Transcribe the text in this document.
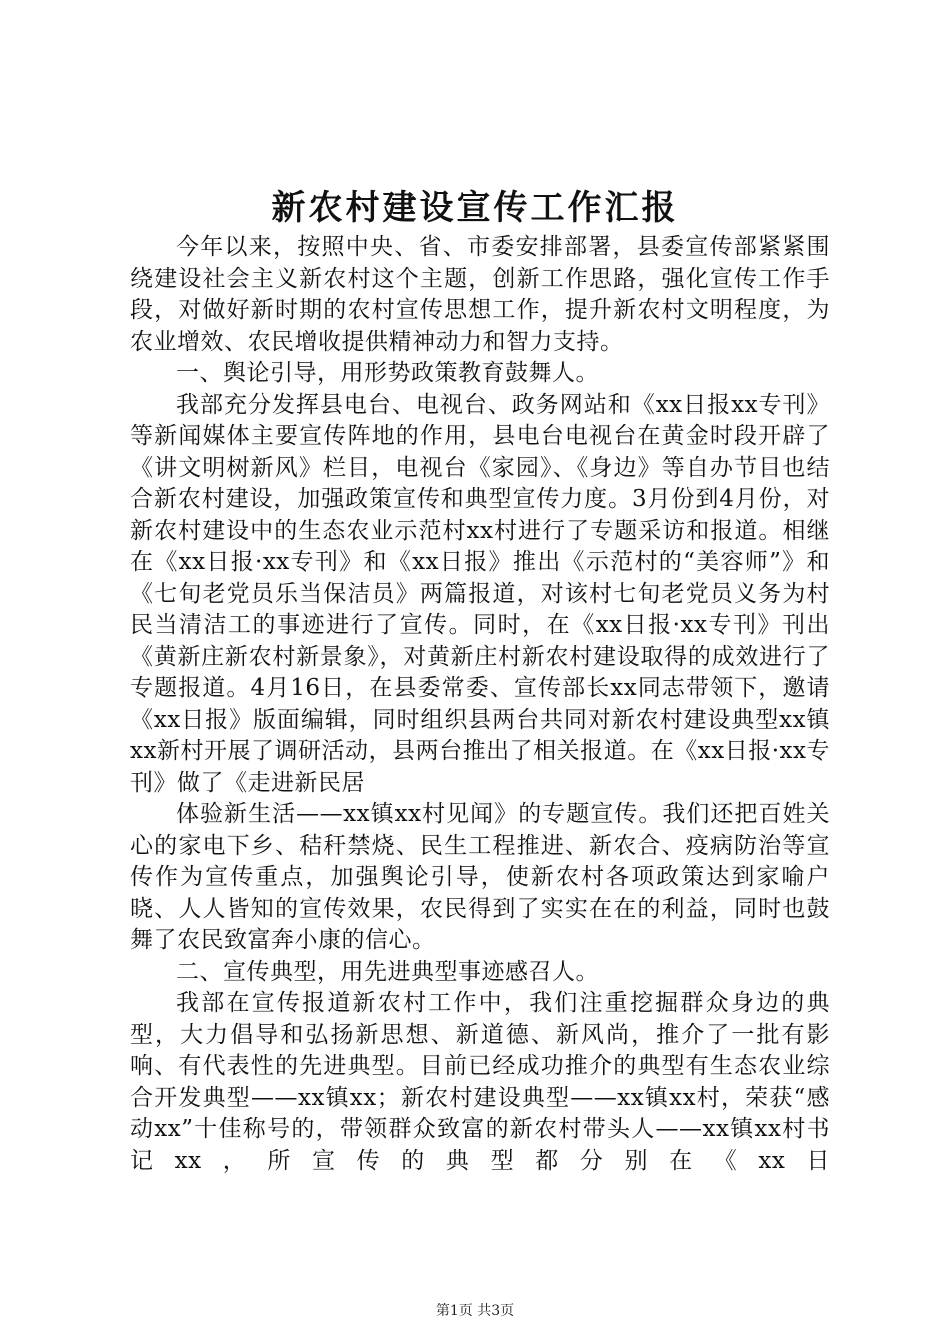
新农村建设宣传工作汇报

今年以来，按照中央、省、市委安排部署，县委宣传部紧紧围绕建设社会主义新农村这个主题，创新工作思路，强化宣传工作手段，对做好新时期的农村宣传思想工作，提升新农村文明程度，为农业增效、农民增收提供精神动力和智力支持。

一、舆论引导，用形势政策教育鼓舞人。

我部充分发挥县电台、电视台、政务网站和《xx日报xx专刊》等新闻媒体主要宣传阵地的作用，县电台电视台在黄金时段开辟了《讲文明树新风》栏目，电视台《家园》、《身边》等自办节目也结合新农村建设，加强政策宣传和典型宣传力度。3月份到4月份，对新农村建设中的生态农业示范村xx村进行了专题采访和报道。相继在《xx日报·xx专刊》和《xx日报》推出《示范村的“美容师”》和《七旬老党员乐当保洁员》两篇报道，对该村七旬老党员义务为村民当清洁工的事迹进行了宣传。同时，在《xx日报·xx专刊》刊出《黄新庄新农村新景象》，对黄新庄村新农村建设取得的成效进行了专题报道。4月16日，在县委常委、宣传部长xx同志带领下，邀请《xx日报》版面编辑，同时组织县两台共同对新农村建设典型xx镇xx新村开展了调研活动，县两台推出了相关报道。在《xx日报·xx专刊》做了《走进新民居

体验新生活——xx镇xx村见闻》的专题宣传。我们还把百姓关心的家电下乡、秸秆禁烧、民生工程推进、新农合、疫病防治等宣传作为宣传重点，加强舆论引导，使新农村各项政策达到家喻户晓、人人皆知的宣传效果，农民得到了实实在在的利益，同时也鼓舞了农民致富奔小康的信心。

二、宣传典型，用先进典型事迹感召人。

我部在宣传报道新农村工作中，我们注重挖掘群众身边的典型，大力倡导和弘扬新思想、新道德、新风尚，推介了一批有影响、有代表性的先进典型。目前已经成功推介的典型有生态农业综合开发典型——xx镇xx；新农村建设典型——xx镇xx村，荣获“感动xx”十佳称号的，带领群众致富的新农村带头人——xx镇xx村书记xx，所宣传的典型都分别在《xx日

第1页 共3页
